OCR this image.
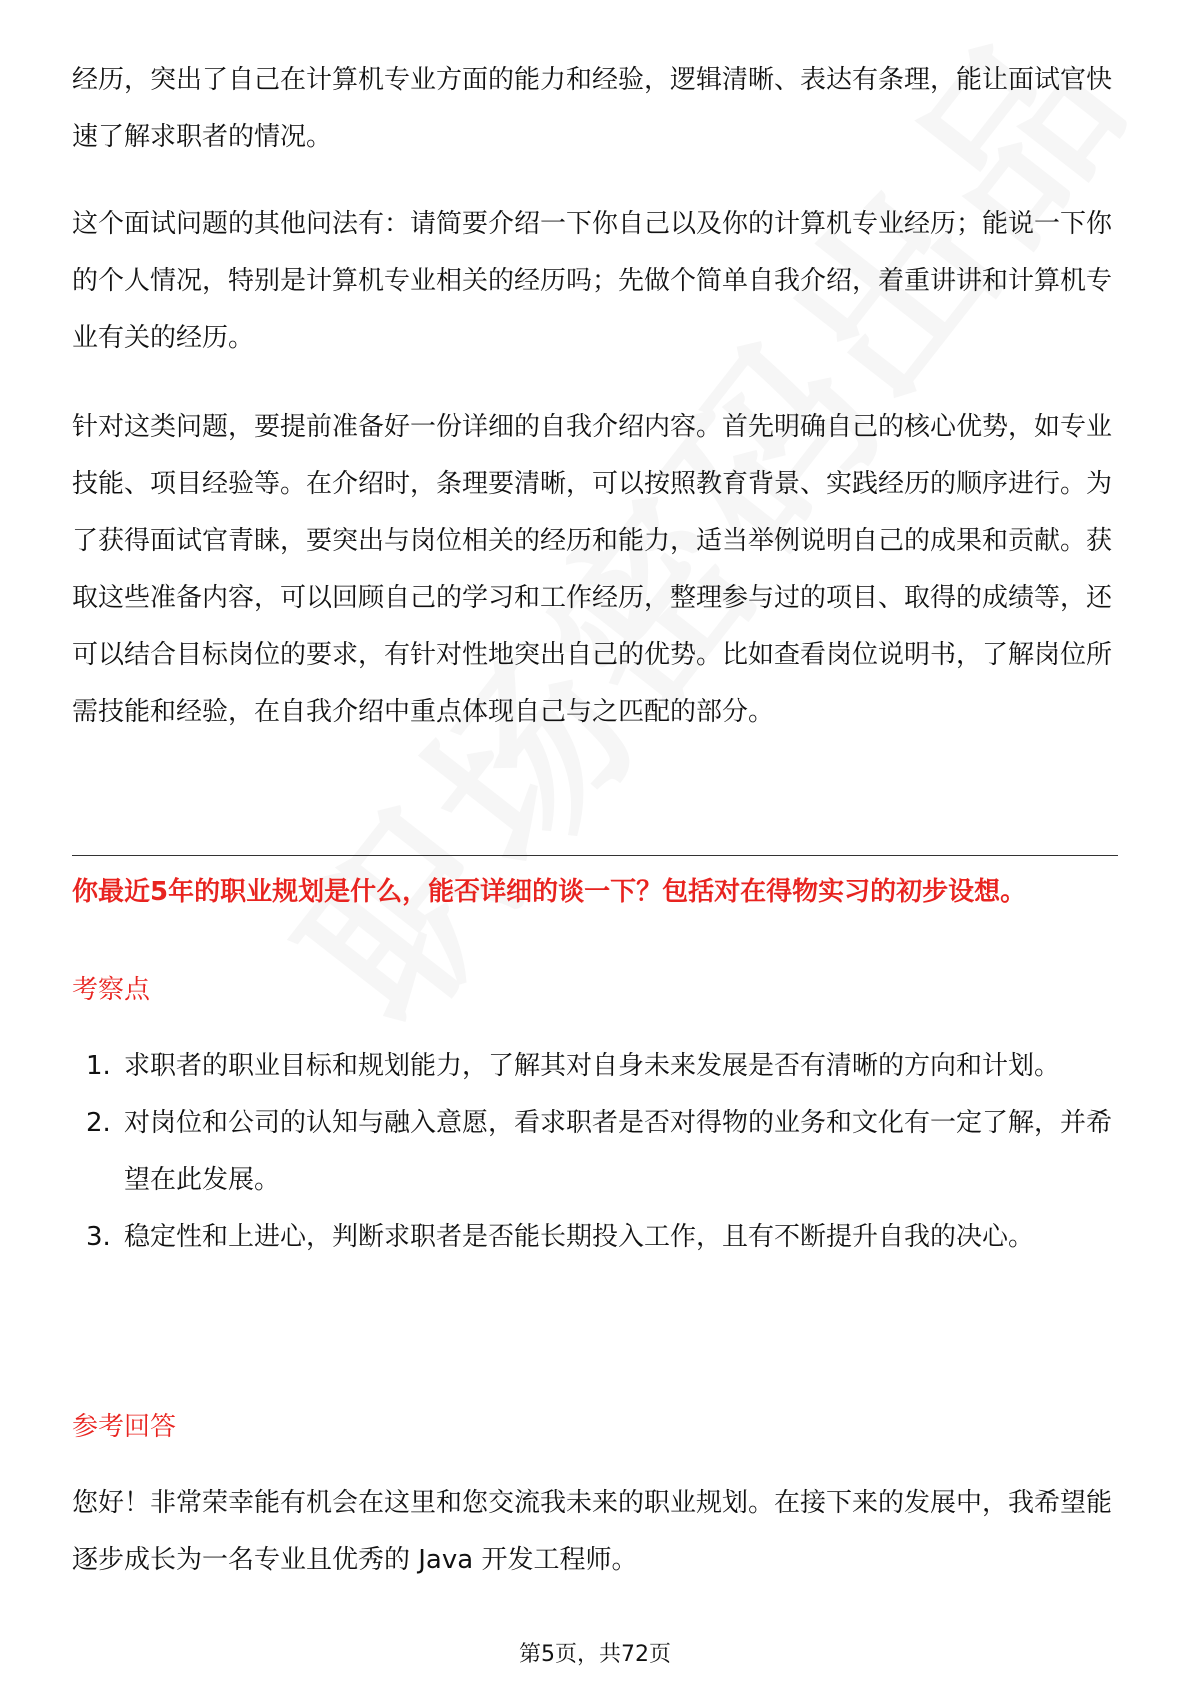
经历，突出了自己在计算机专业方面的能力和经验，逻辑清晰、表达有条理，能让面试官快速了解求职者的情况。

这个面试问题的其他问法有：请简要介绍一下你自己以及你的计算机专业经历；能说一下你的个人情况，特别是计算机专业相关的经历吗；先做个简单自我介绍，着重讲讲和计算机专业有关的经历。

针对这类问题，要提前准备好一份详细的自我介绍内容。首先明确自己的核心优势，如专业技能、项目经验等。在介绍时，条理要清晰，可以按照教育背景、实践经历的顺序进行。为了获得面试官青睐，要突出与岗位相关的经历和能力，适当举例说明自己的成果和贡献。获取这些准备内容，可以回顾自己的学习和工作经历，整理参与过的项目、取得的成绩等，还可以结合目标岗位的要求，有针对性地突出自己的优势。比如查看岗位说明书，了解岗位所需技能和经验，在自我介绍中重点体现自己与之匹配的部分。

你最近5年的职业规划是什么，能否详细的谈一下？包括对在得物实习的初步设想。

考察点

1. 求职者的职业目标和规划能力，了解其对自身未来发展是否有清晰的方向和计划。
2. 对岗位和公司的认知与融入意愿，看求职者是否对得物的业务和文化有一定了解，并希望在此发展。
3. 稳定性和上进心，判断求职者是否能长期投入工作，且有不断提升自我的决心。

参考回答

您好！非常荣幸能有机会在这里和您交流我未来的职业规划。在接下来的发展中，我希望能逐步成长为一名专业且优秀的 Java 开发工程师。

第5页，共72页
